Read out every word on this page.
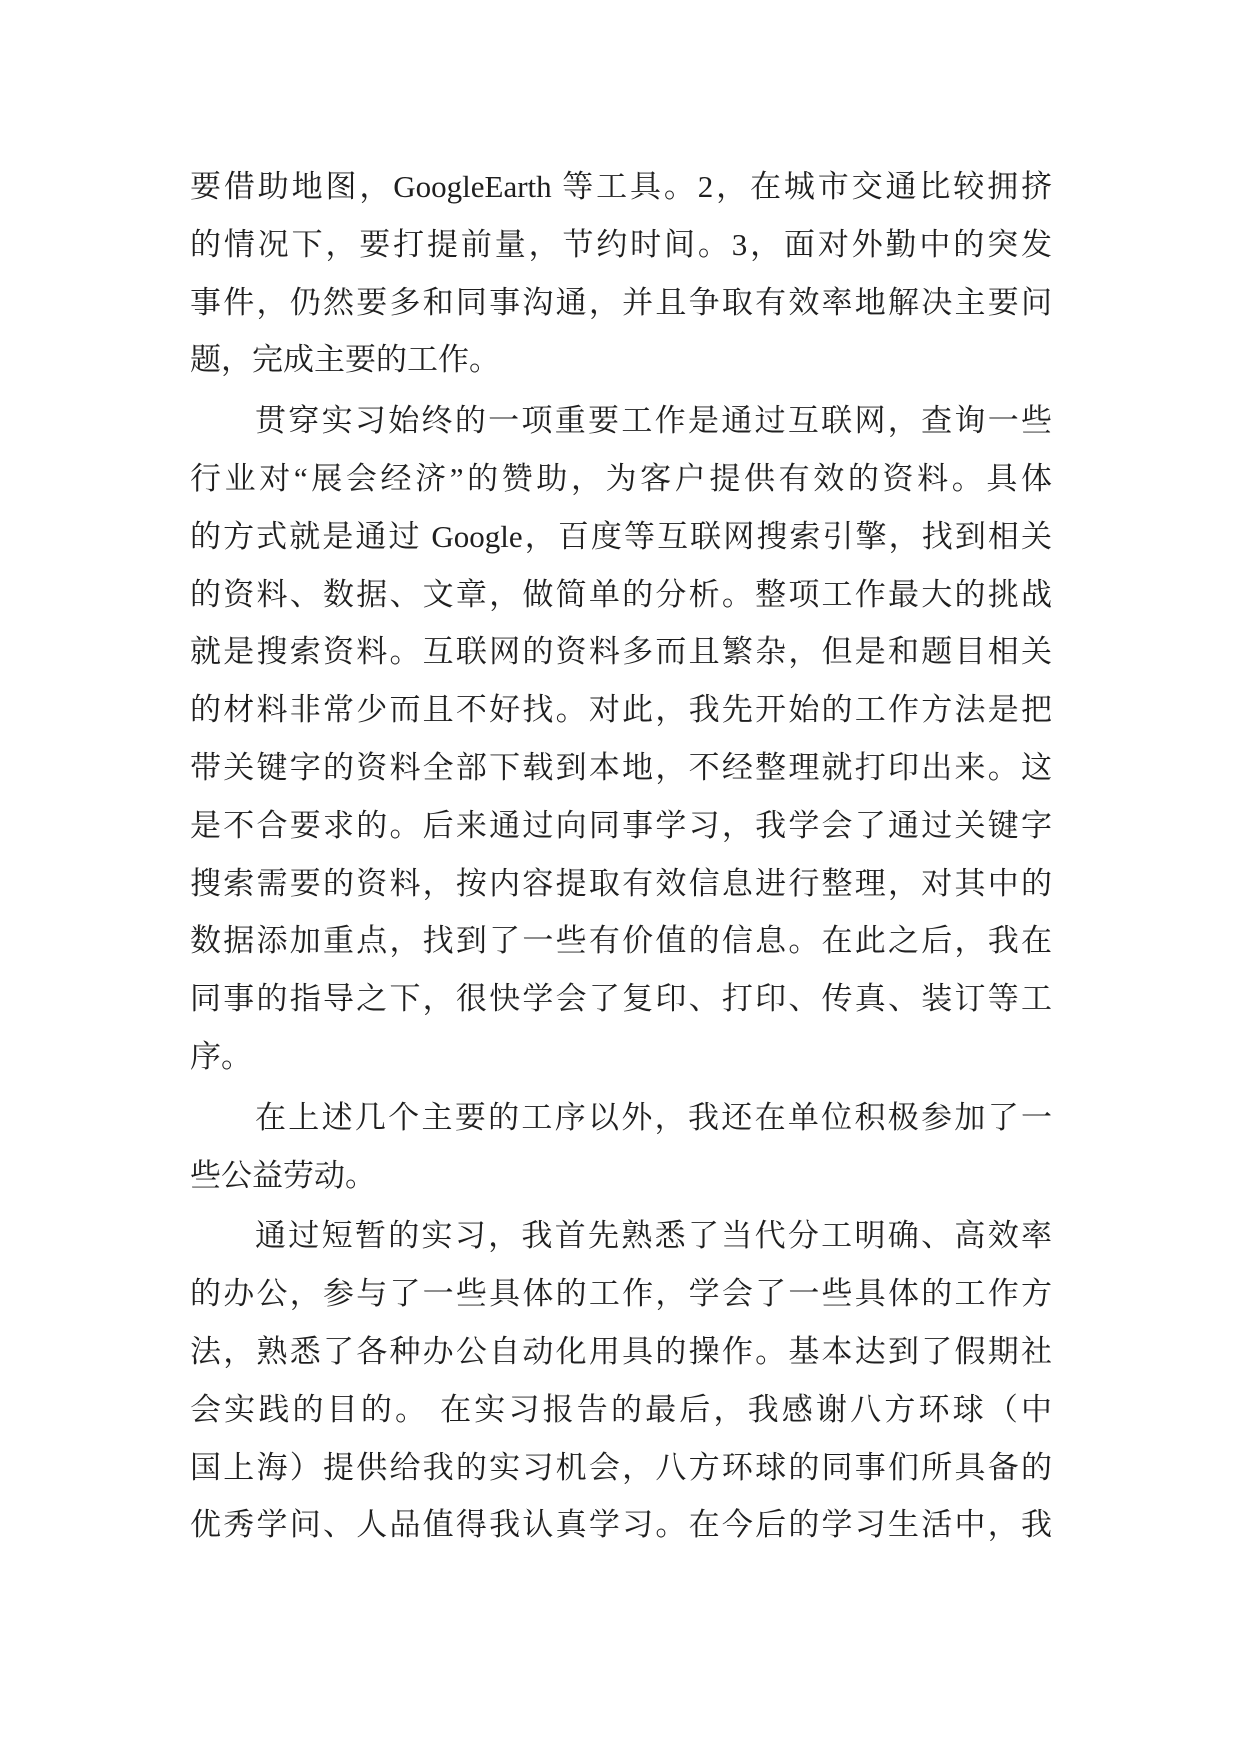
要借助地图，GoogleEarth 等工具。2，在城市交通比较拥挤
的情况下，要打提前量，节约时间。3，面对外勤中的突发
事件，仍然要多和同事沟通，并且争取有效率地解决主要问
题，完成主要的工作。
贯穿实习始终的一项重要工作是通过互联网，查询一些
行业对“展会经济”的赞助，为客户提供有效的资料。具体
的方式就是通过 Google，百度等互联网搜索引擎，找到相关
的资料、数据、文章，做简单的分析。整项工作最大的挑战
就是搜索资料。互联网的资料多而且繁杂，但是和题目相关
的材料非常少而且不好找。对此，我先开始的工作方法是把
带关键字的资料全部下载到本地，不经整理就打印出来。这
是不合要求的。后来通过向同事学习，我学会了通过关键字
搜索需要的资料，按内容提取有效信息进行整理，对其中的
数据添加重点，找到了一些有价值的信息。在此之后，我在
同事的指导之下，很快学会了复印、打印、传真、装订等工
序。
在上述几个主要的工序以外，我还在单位积极参加了一
些公益劳动。
通过短暂的实习，我首先熟悉了当代分工明确、高效率
的办公，参与了一些具体的工作，学会了一些具体的工作方
法，熟悉了各种办公自动化用具的操作。基本达到了假期社
会实践的目的。 在实习报告的最后，我感谢八方环球（中
国上海）提供给我的实习机会，八方环球的同事们所具备的
优秀学问、人品值得我认真学习。在今后的学习生活中，我
